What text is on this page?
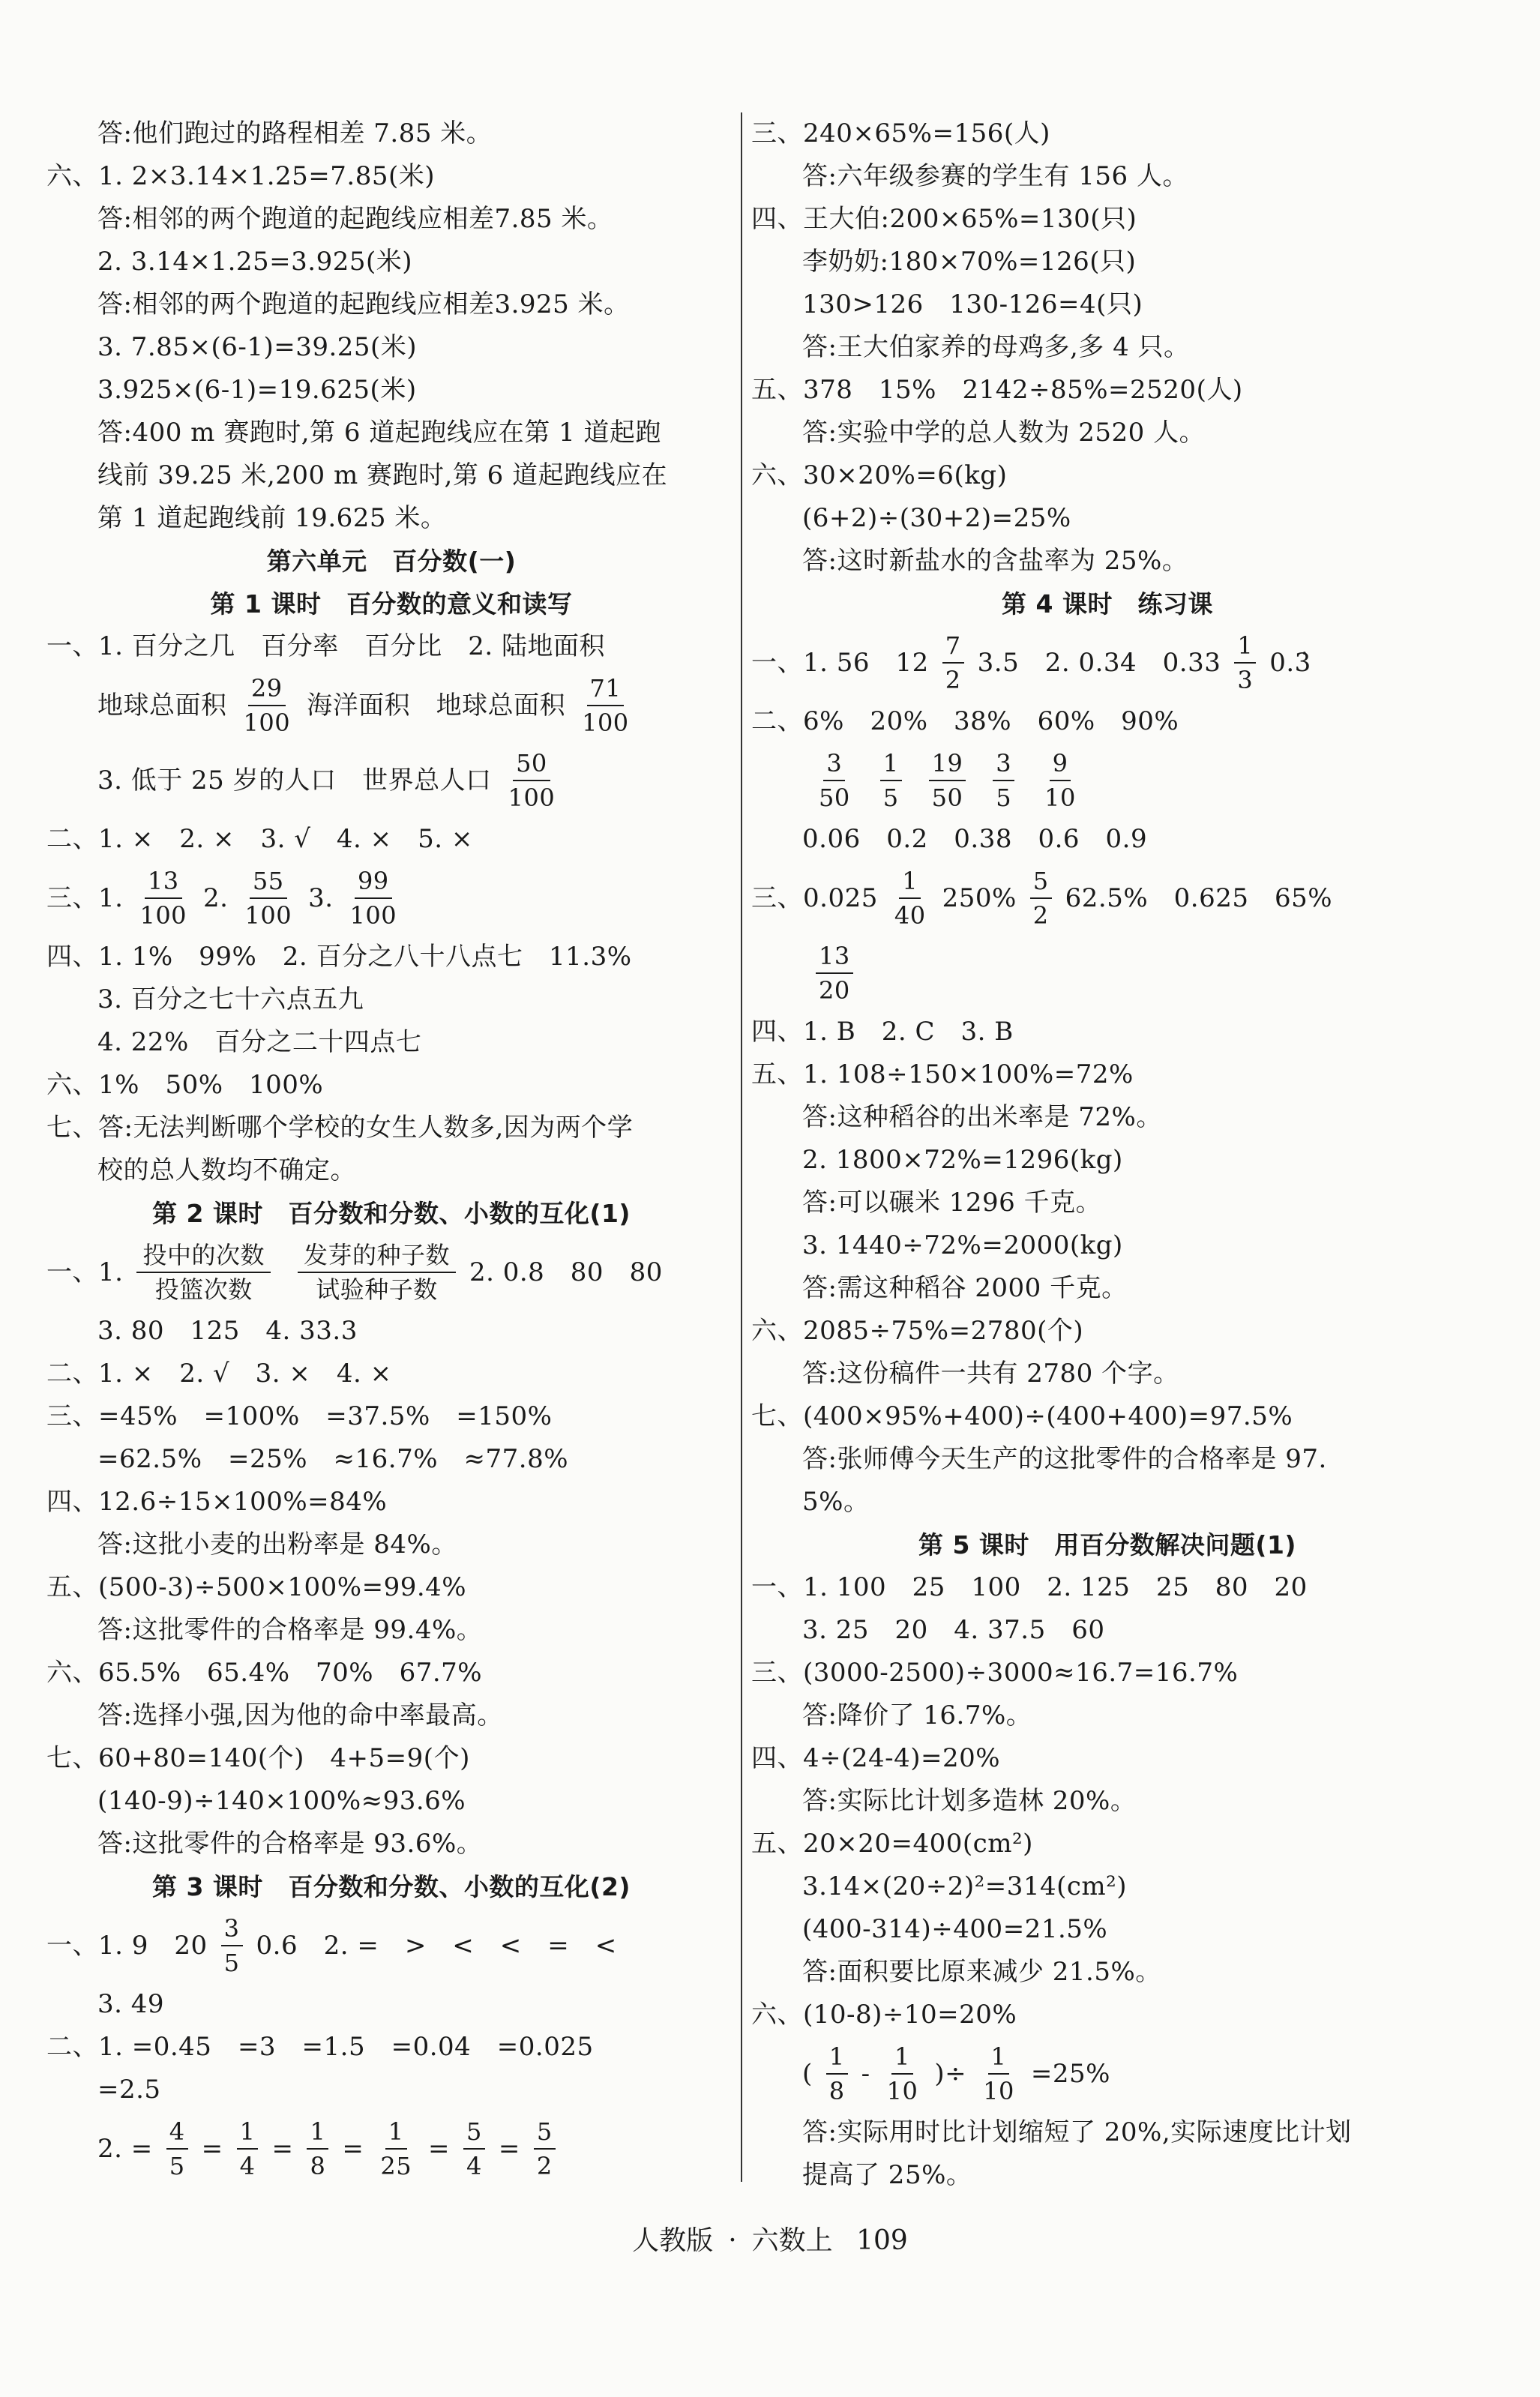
答:他们跑过的路程相差 7.85 米。
六、1. 2×3.14×1.25=7.85(米)
答:相邻的两个跑道的起跑线应相差7.85 米。
2. 3.14×1.25=3.925(米)
答:相邻的两个跑道的起跑线应相差3.925 米。
3. 7.85×(6-1)=39.25(米)
3.925×(6-1)=19.625(米)
答:400 m 赛跑时,第 6 道起跑线应在第 1 道起跑
线前 39.25 米,200 m 赛跑时,第 6 道起跑线应在
第 1 道起跑线前 19.625 米。
第六单元　百分数(一)
第 1 课时　百分数的意义和读写
一、1. 百分之几　百分率　百分比　2. 陆地面积
地球总面积 $\frac{29}{100}$ 海洋面积　地球总面积 $\frac{71}{100}$
3. 低于 25 岁的人口　世界总人口 $\frac{50}{100}$
二、1. ×　2. ×　3. √　4. ×　5. ×
三、1. $\frac{13}{100} 2$. $\frac{55}{100} 3$. $\frac{99}{100}$
四、1. 1%　99%　2. 百分之八十八点七　11.3%
3. 百分之七十六点五九
4. 22%　百分之二十四点七
六、1%　50%　100%
七、答:无法判断哪个学校的女生人数多,因为两个学
校的总人数均不确定。
第 2 课时　百分数和分数、小数的互化(1)
一、1. $\frac{\text{投中的次数}}{\text{投篮次数}} \frac{\text{发芽的种子数}}{\text{试验种子数}} 2$. 0.8　80　80
3. 80　125　4. 33.3
二、1. ×　2. √　3. ×　4. ×
三、=45%　=100%　=37.5%　=150%
=62.5%　=25%　≈16.7%　≈77.8%
四、12.6÷15×100%=84%
答:这批小麦的出粉率是 84%。
五、(500-3)÷500×100%=99.4%
答:这批零件的合格率是 99.4%。
六、65.5%　65.4%　70%　67.7%
答:选择小强,因为他的命中率最高。
七、60+80=140(个)　4+5=9(个)
(140-9)÷140×100%≈93.6%
答:这批零件的合格率是 93.6%。
第 3 课时　百分数和分数、小数的互化(2)
一、1. 9　$20 \frac{3}{5} 0.6$　2. =　>　<　<　=　<
3. 49
二、1. =0.45　=3　=1.5　=0.04　=0.025
=2.5
2. = $\frac{4}{5} = \frac{1}{4} = \frac{1}{8} = \frac{1}{25} = \frac{5}{4} = \frac{5}{2}$
三、240×65%=156(人)
答:六年级参赛的学生有 156 人。
四、王大伯:200×65%=130(只)
李奶奶:180×70%=126(只)
130>126　130-126=4(只)
答:王大伯家养的母鸡多,多 4 只。
五、378　15%　2142÷85%=2520(人)
答:实验中学的总人数为 2520 人。
六、30×20%=6(kg)
(6+2)÷(30+2)=25%
答:这时新盐水的含盐率为 25%。
第 4 课时　练习课
一、1. 56　$12 \frac{7}{2} 3.5$　2. 0.34　$0.33 \frac{1}{3}$ 0.3̇
二、6%　20%　38%　60%　90%
$\frac{3}{50} \frac{1}{5} \frac{19}{50} \frac{3}{5} \frac{9}{10}$
0.06　0.2　0.38　0.6　0.9
三、$0.025 \frac{1}{40} 250\% \frac{5}{2} 62.5\%$　0.625　65%
$\frac{13}{20}$
四、1. B　2. C　3. B
五、1. 108÷150×100%=72%
答:这种稻谷的出米率是 72%。
2. 1800×72%=1296(kg)
答:可以碾米 1296 千克。
3. 1440÷72%=2000(kg)
答:需这种稻谷 2000 千克。
六、2085÷75%=2780(个)
答:这份稿件一共有 2780 个字。
七、(400×95%+400)÷(400+400)=97.5%
答:张师傅今天生产的这批零件的合格率是 97.
5%。
第 5 课时　用百分数解决问题(1)
一、1. 100　25　100　2. 125　25　80　20
3. 25　20　4. 37.5　60
三、(3000-2500)÷3000≈16.7=16.7%
答:降价了 16.7%。
四、4÷(24-4)=20%
答:实际比计划多造林 20%。
五、20×20=400(cm²)
3.14×(20÷2)²=314(cm²)
(400-314)÷400=21.5%
答:面积要比原来减少 21.5%。
六、(10-8)÷10=20%
( $\frac{1}{8} - \frac{1}{10}$ )÷ $\frac{1}{10} =25\%$
答:实际用时比计划缩短了 20%,实际速度比计划
提高了 25%。
人教版 · 六数上 109
